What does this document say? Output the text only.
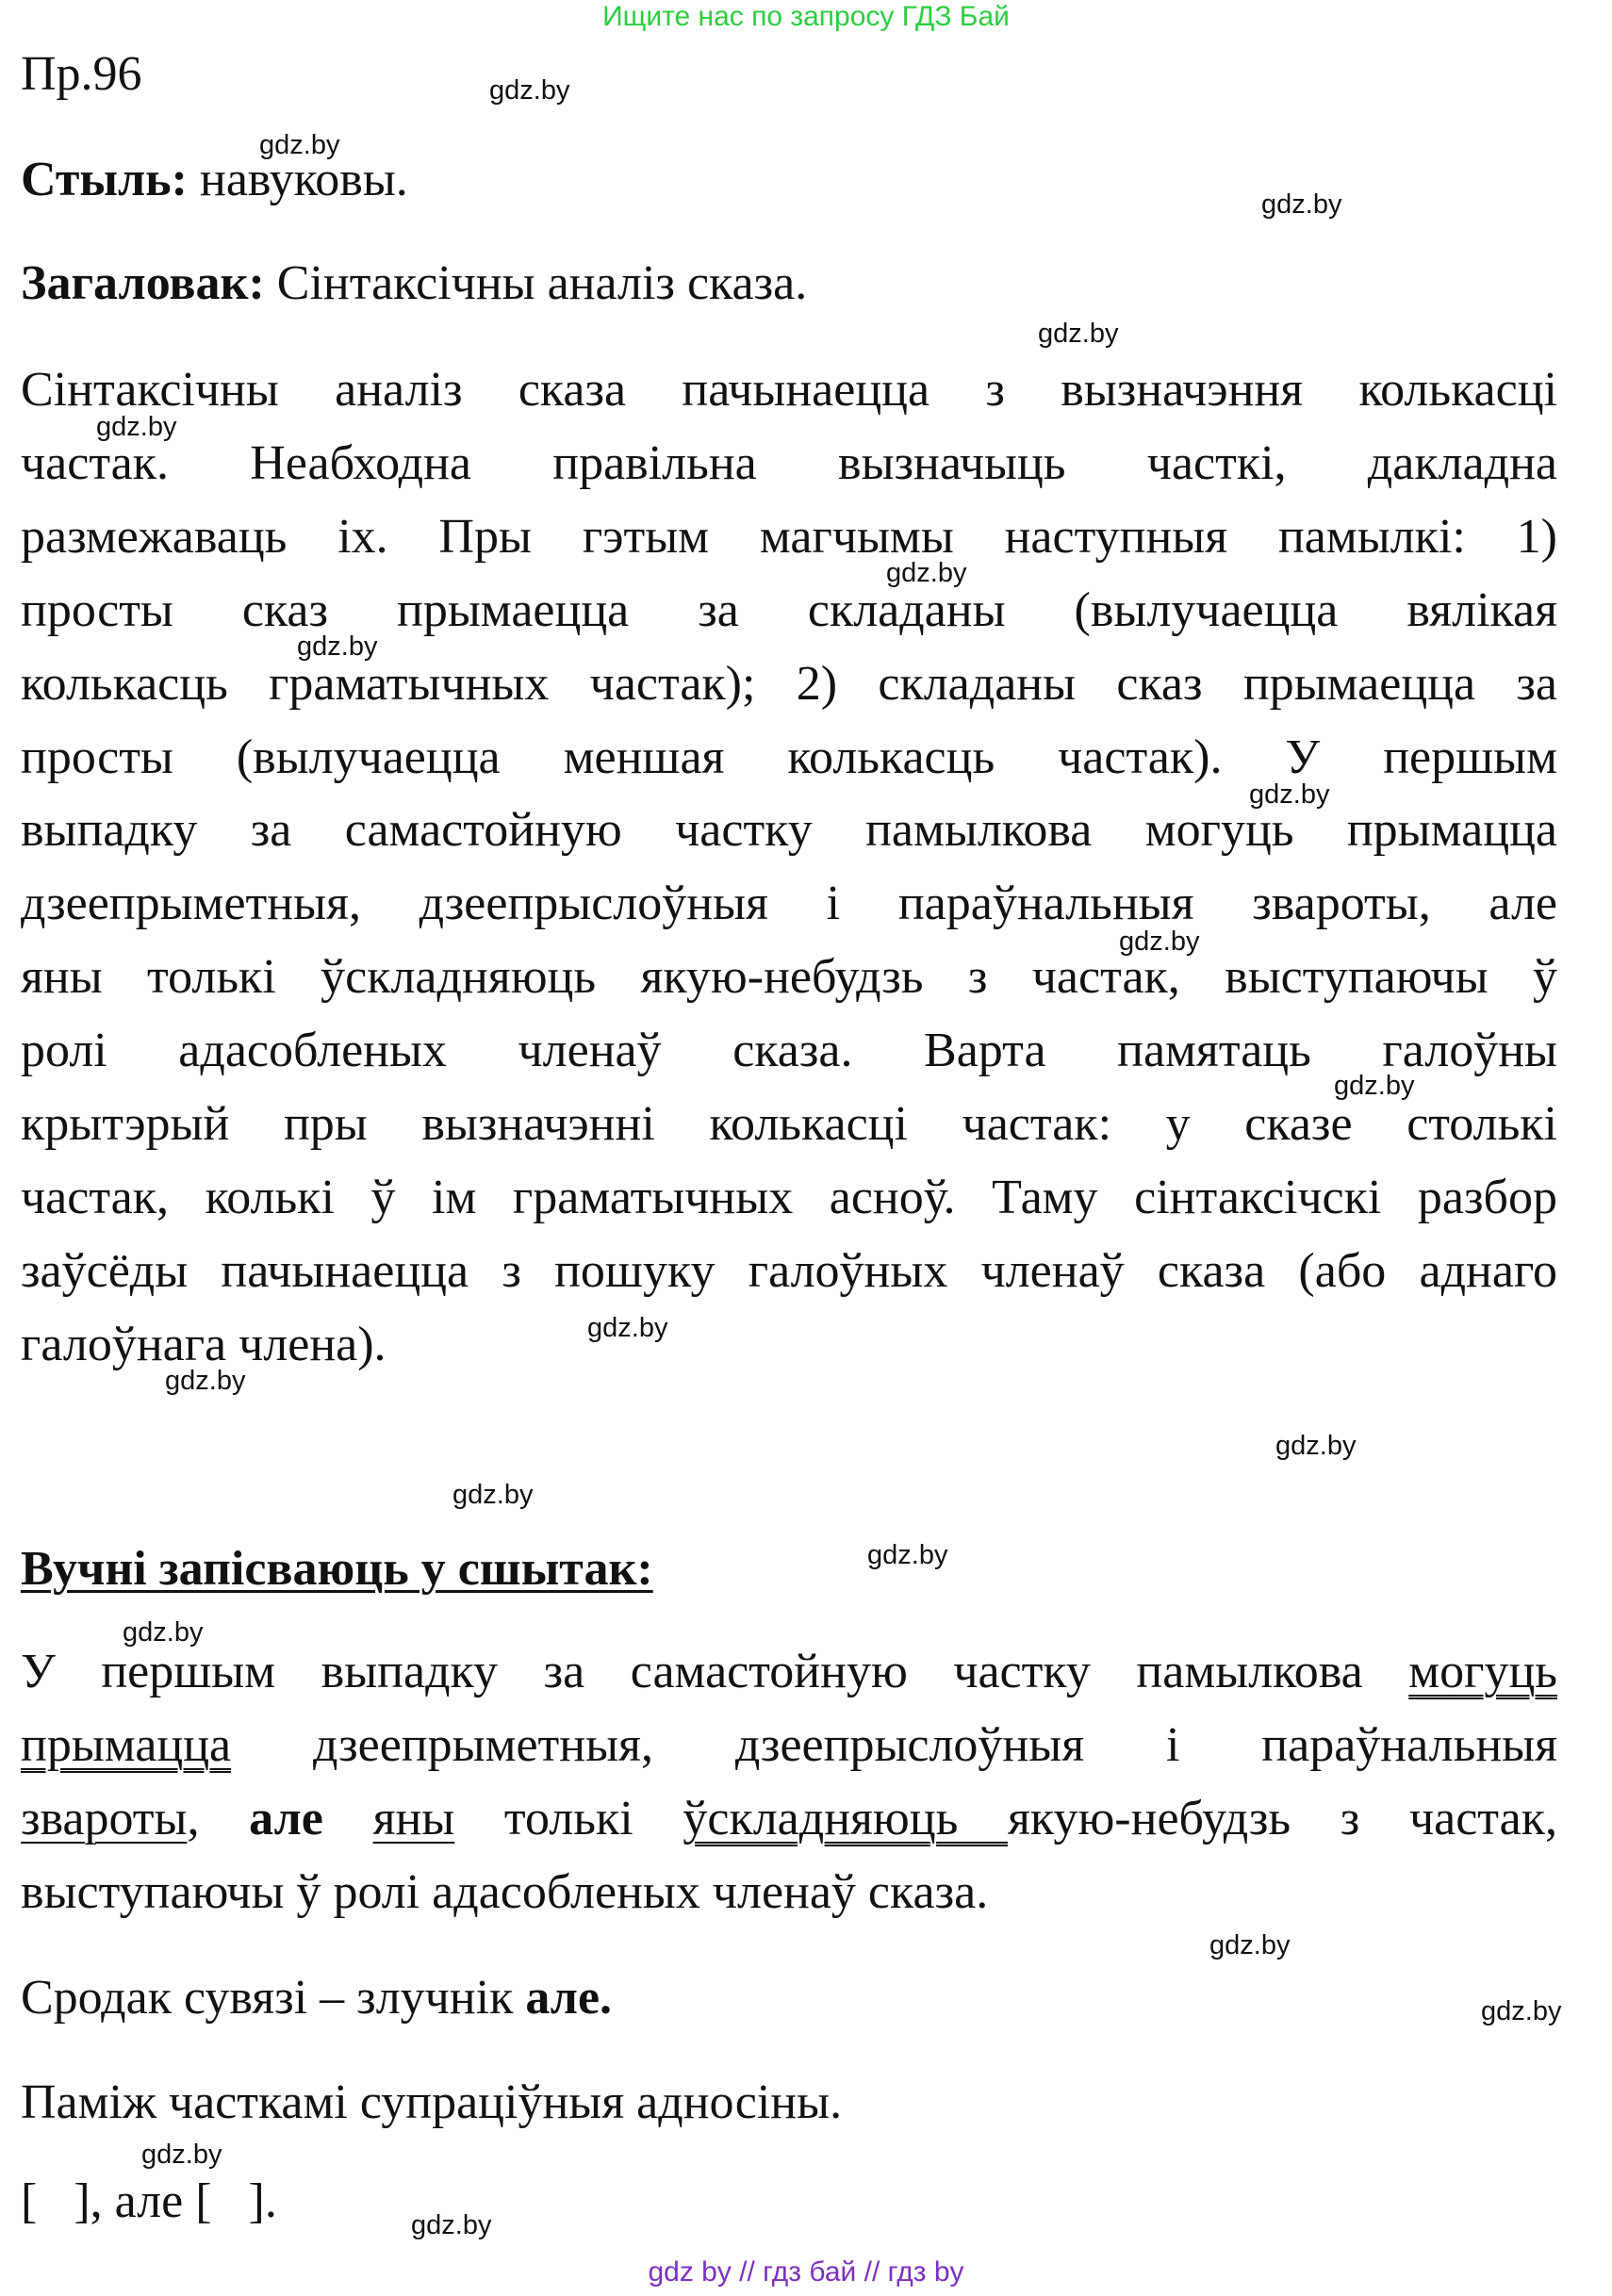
Ищите нас по запросу ГДЗ Бай
Пр.96
Стыль: навуковы.
Загаловак: Сінтаксічны аналіз сказа.
Сінтаксічны аналіз сказа пачынаецца з вызначэння колькасці
частак. Неабходна правільна вызначыць часткі, дакладна
размежаваць іх. Пры гэтым магчымы наступныя памылкі: 1)
просты сказ прымаецца за складаны (вылучаецца вялікая
колькасць граматычных частак); 2) складаны сказ прымаецца за
просты (вылучаецца меншая колькасць частак). У першым
выпадку за самастойную частку памылкова могуць прымацца
дзеепрыметныя, дзеепрыслоўныя і параўнальныя звароты, але
яны толькі ўскладняюць якую-небудзь з частак, выступаючы ў
ролі адасобленых членаў сказа. Варта памятаць галоўны
крытэрый пры вызначэнні колькасці частак: у сказе столькі
частак, колькі ў ім граматычных асноў. Таму сінтаксічскі разбор
заўсёды пачынаецца з пошуку галоўных членаў сказа (або аднаго
галоўнага члена).
Вучні запісваюць у сшытак:
У першым выпадку за самастойную частку памылкова могуць
прымацца дзеепрыметныя, дзеепрыслоўныя і параўнальныя
звароты, але яны толькі ўскладняюць якую-небудзь з частак,
выступаючы ў ролі адасобленых членаў сказа.
Сродак сувязі – злучнік але.
Паміж часткамі супраціўныя адносіны.
[   ], але [   ].
gdz.by
gdz.by
gdz.by
gdz.by
gdz.by
gdz.by
gdz.by
gdz.by
gdz.by
gdz.by
gdz.by
gdz.by
gdz.by
gdz.by
gdz.by
gdz.by
gdz.by
gdz.by
gdz.by
gdz.by
gdz by // гдз бай // гдз by
